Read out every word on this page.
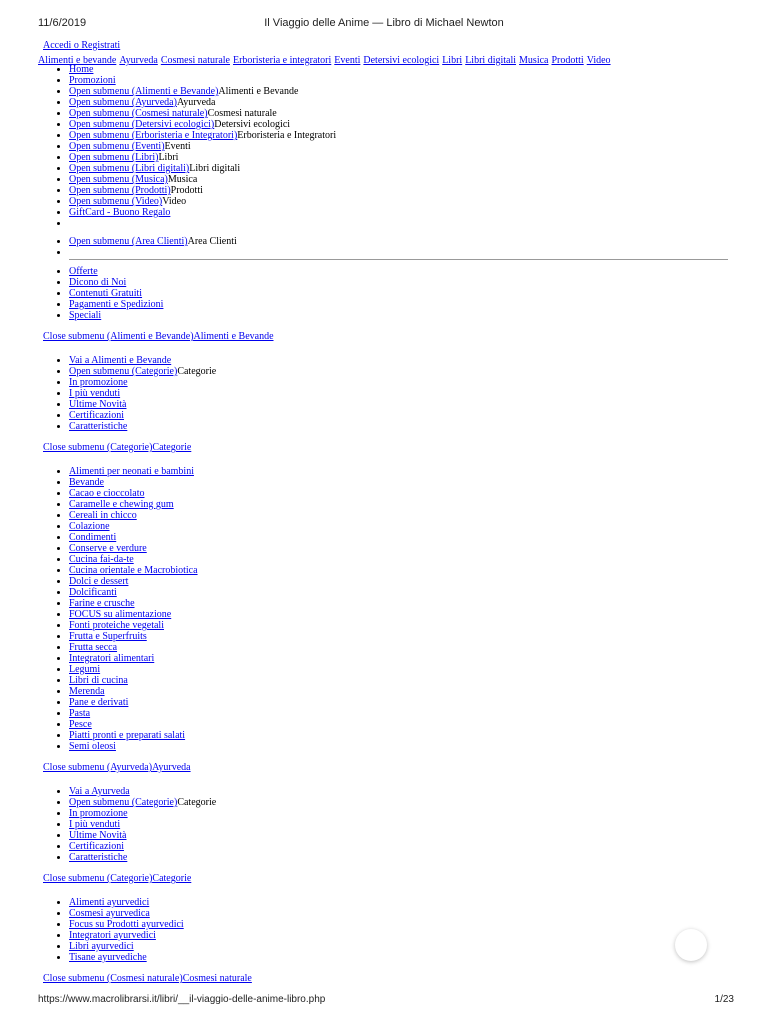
11/6/2019	Il Viaggio delle Anime — Libro di Michael Newton
Accedi o Registrati
Alimenti e bevande Ayurveda Cosmesi naturale Erboristeria e integratori Eventi Detersivi ecologici Libri Libri digitali Musica Prodotti Video
• Home
• Promozioni
• Open submenu (Alimenti e Bevande)Alimenti e Bevande
• Open submenu (Ayurveda)Ayurveda
• Open submenu (Cosmesi naturale)Cosmesi naturale
• Open submenu (Detersivi ecologici)Detersivi ecologici
• Open submenu (Erboristeria e Integratori)Erboristeria e Integratori
• Open submenu (Eventi)Eventi
• Open submenu (Libri)Libri
• Open submenu (Libri digitali)Libri digitali
• Open submenu (Musica)Musica
• Open submenu (Prodotti)Prodotti
• Open submenu (Video)Video
• GiftCard - Buono Regalo
•
• Open submenu (Area Clienti)Area Clienti
•
• Offerte
• Dicono di Noi
• Contenuti Gratuiti
• Pagamenti e Spedizioni
• Speciali
Close submenu (Alimenti e Bevande)Alimenti e Bevande
• Vai a Alimenti e Bevande
• Open submenu (Categorie)Categorie
• In promozione
• I più venduti
• Ultime Novità
• Certificazioni
• Caratteristiche
Close submenu (Categorie)Categorie
• Alimenti per neonati e bambini
• Bevande
• Cacao e cioccolato
• Caramelle e chewing gum
• Cereali in chicco
• Colazione
• Condimenti
• Conserve e verdure
• Cucina fai-da-te
• Cucina orientale e Macrobiotica
• Dolci e dessert
• Dolcificanti
• Farine e crusche
• FOCUS su alimentazione
• Fonti proteiche vegetali
• Frutta e Superfruits
• Frutta secca
• Integratori alimentari
• Legumi
• Libri di cucina
• Merenda
• Pane e derivati
• Pasta
• Pesce
• Piatti pronti e preparati salati
• Semi oleosi
Close submenu (Ayurveda)Ayurveda
• Vai a Ayurveda
• Open submenu (Categorie)Categorie
• In promozione
• I più venduti
• Ultime Novità
• Certificazioni
• Caratteristiche
Close submenu (Categorie)Categorie
• Alimenti ayurvedici
• Cosmesi ayurvedica
• Focus su Prodotti ayurvedici
• Integratori ayurvedici
• Libri ayurvedici
• Tisane ayurvediche
Close submenu (Cosmesi naturale)Cosmesi naturale
https://www.macrolibrarsi.it/libri/__il-viaggio-delle-anime-libro.php	1/23
